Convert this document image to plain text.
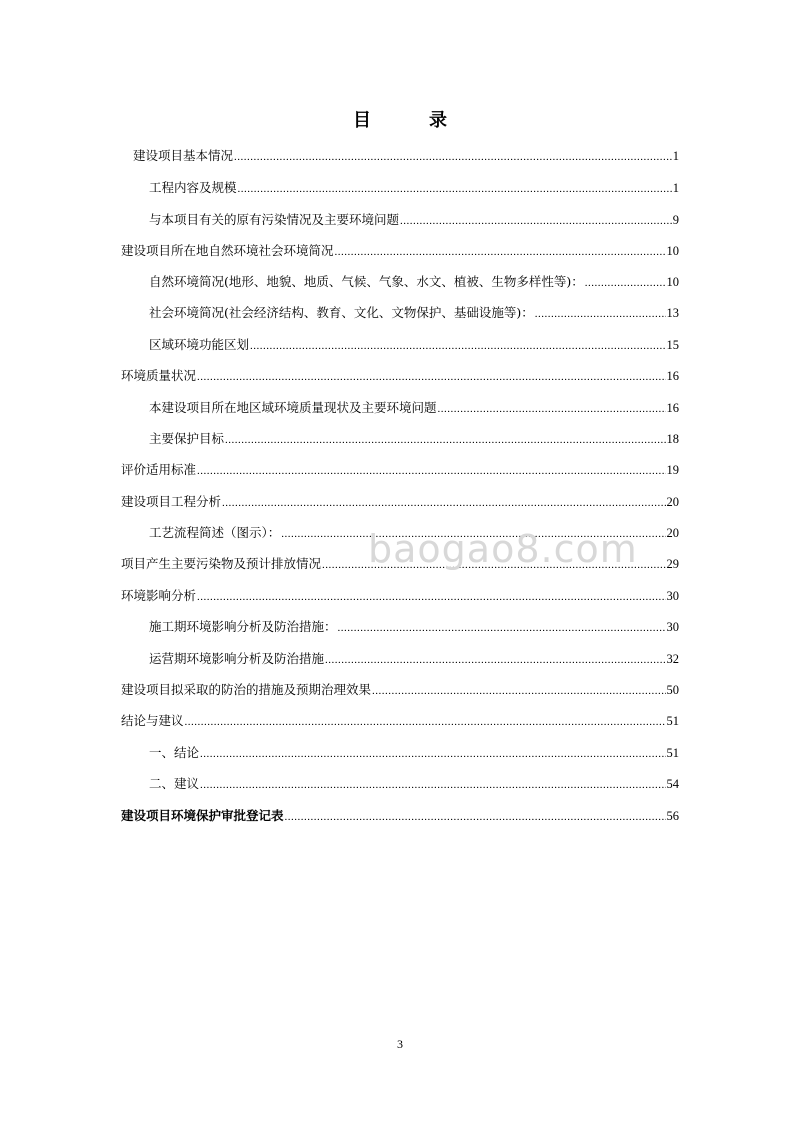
目　录
建设项目基本情况 .....	1
工程内容及规模 .....	1
与本项目有关的原有污染情况及主要环境问题 .....	9
建设项目所在地自然环境社会环境简况 .....	10
自然环境简况(地形、地貌、地质、气候、气象、水文、植被、生物多样性等)： .....	10
社会环境简况(社会经济结构、教育、文化、文物保护、基础设施等)： .....	13
区域环境功能区划 .....	15
环境质量状况 .....	16
本建设项目所在地区域环境质量现状及主要环境问题 .....	16
主要保护目标 .....	18
评价适用标准 .....	19
建设项目工程分析 .....	20
工艺流程简述（图示）： .....	20
项目产生主要污染物及预计排放情况 .....	29
环境影响分析 .....	30
施工期环境影响分析及防治措施： .....	30
运营期环境影响分析及防治措施 .....	32
建设项目拟采取的防治的措施及预期治理效果 .....	50
结论与建议 .....	51
一、结论 .....	51
二、建议 .....	54
建设项目环境保护审批登记表 .....	56
baogao8.com
3
